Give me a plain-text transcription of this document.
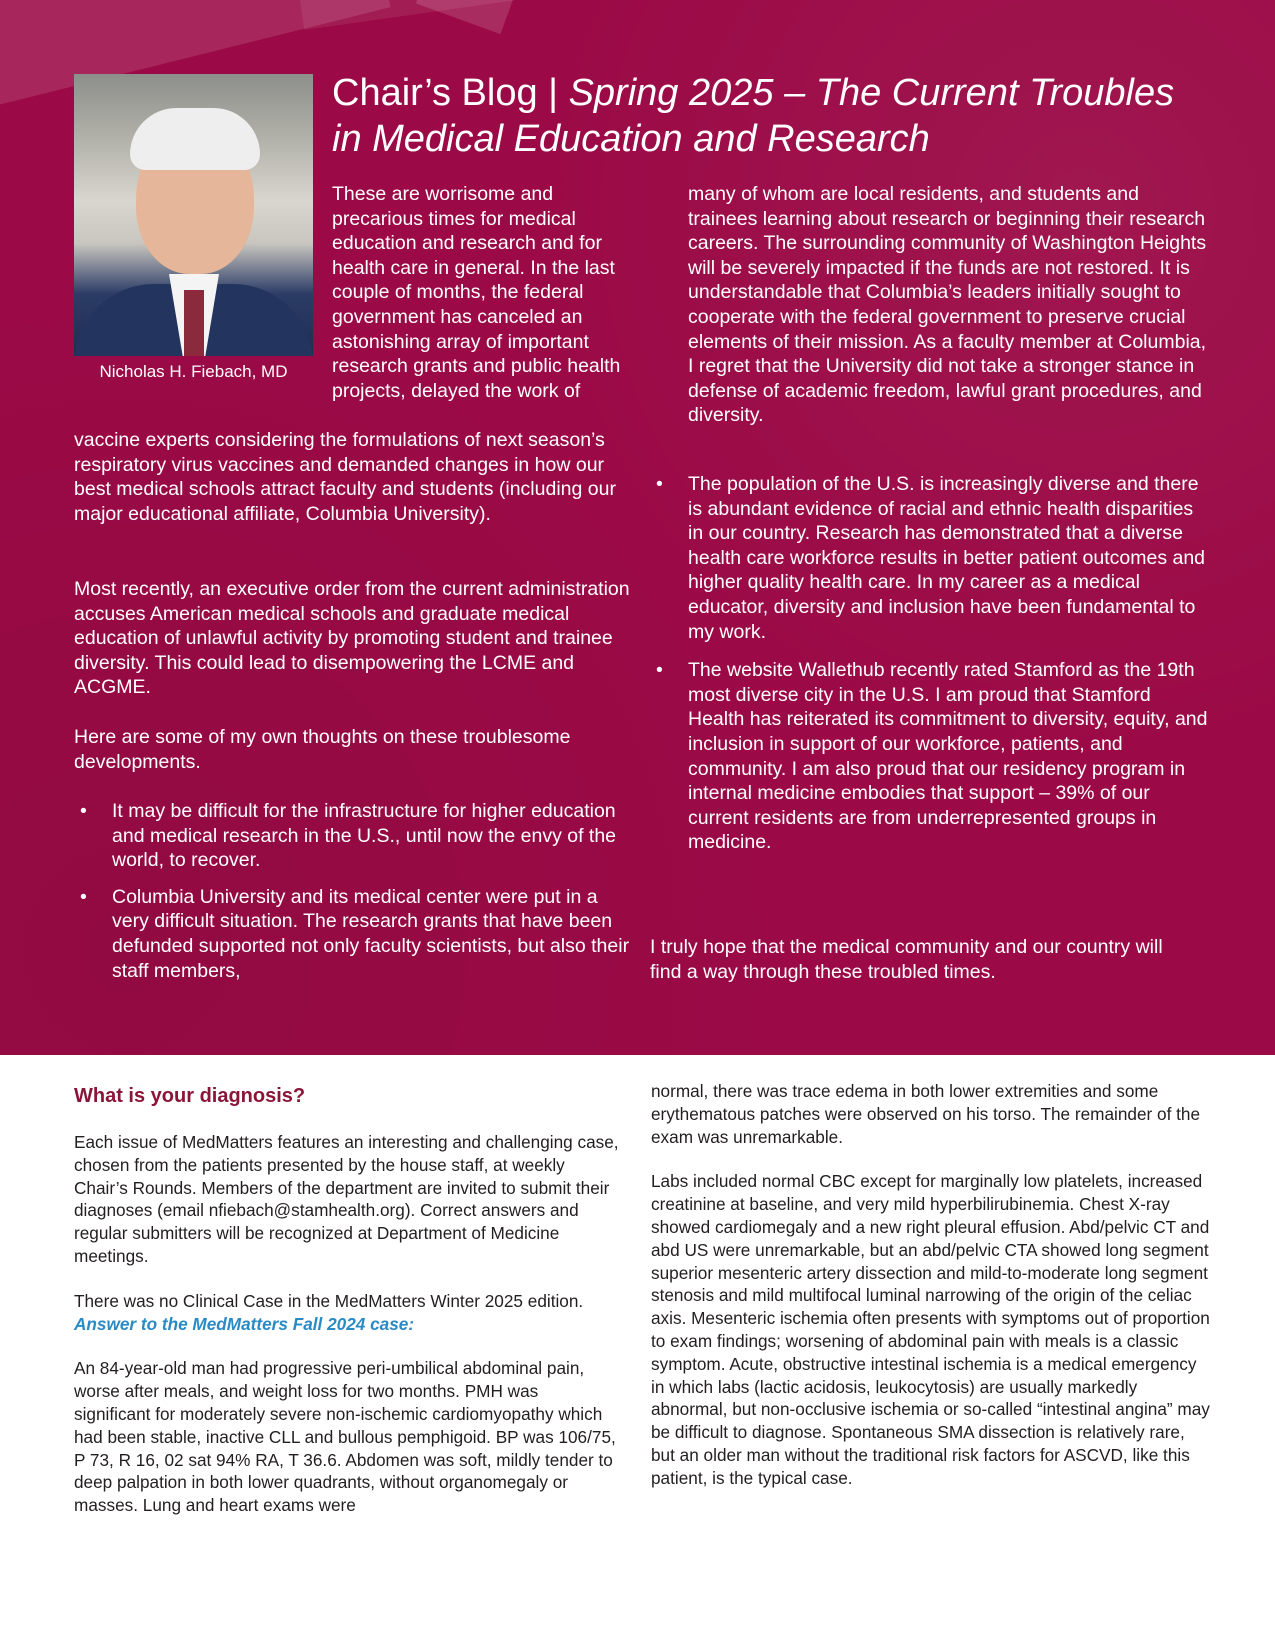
Nicholas H. Fiebach, MD
Chair’s Blog | Spring 2025 – The Current Troubles in Medical Education and Research

These are worrisome and precarious times for medical education and research and for health care in general. In the last couple of months, the federal government has canceled an astonishing array of important research grants and public health projects, delayed the work of

vaccine experts considering the formulations of next season’s respiratory virus vaccines and demanded changes in how our best medical schools attract faculty and students (including our major educational affiliate, Columbia University).

Most recently, an executive order from the current administration accuses American medical schools and graduate medical education of unlawful activity by promoting student and trainee diversity. This could lead to disempowering the LCME and ACGME.

Here are some of my own thoughts on these troublesome developments.

• It may be difficult for the infrastructure for higher education and medical research in the U.S., until now the envy of the world, to recover.
• Columbia University and its medical center were put in a very difficult situation. The research grants that have been defunded supported not only faculty scientists, but also their staff members,

many of whom are local residents, and students and trainees learning about research or beginning their research careers. The surrounding community of Washington Heights will be severely impacted if the funds are not restored. It is understandable that Columbia’s leaders initially sought to cooperate with the federal government to preserve crucial elements of their mission. As a faculty member at Columbia, I regret that the University did not take a stronger stance in defense of academic freedom, lawful grant procedures, and diversity.

• The population of the U.S. is increasingly diverse and there is abundant evidence of racial and ethnic health disparities in our country. Research has demonstrated that a diverse health care workforce results in better patient outcomes and higher quality health care. In my career as a medical educator, diversity and inclusion have been fundamental to my work.
• The website Wallethub recently rated Stamford as the 19th most diverse city in the U.S. I am proud that Stamford Health has reiterated its commitment to diversity, equity, and inclusion in support of our workforce, patients, and community. I am also proud that our residency program in internal medicine embodies that support – 39% of our current residents are from underrepresented groups in medicine.

I truly hope that the medical community and our country will find a way through these troubled times.

What is your diagnosis?

Each issue of MedMatters features an interesting and challenging case, chosen from the patients presented by the house staff, at weekly Chair’s Rounds. Members of the department are invited to submit their diagnoses (email nfiebach@stamhealth.org). Correct answers and regular submitters will be recognized at Department of Medicine meetings.

There was no Clinical Case in the MedMatters Winter 2025 edition. Answer to the MedMatters Fall 2024 case:

An 84-year-old man had progressive peri-umbilical abdominal pain, worse after meals, and weight loss for two months. PMH was significant for moderately severe non-ischemic cardiomyopathy which had been stable, inactive CLL and bullous pemphigoid. BP was 106/75, P 73, R 16, 02 sat 94% RA, T 36.6. Abdomen was soft, mildly tender to deep palpation in both lower quadrants, without organomegaly or masses. Lung and heart exams were

normal, there was trace edema in both lower extremities and some erythematous patches were observed on his torso. The remainder of the exam was unremarkable.

Labs included normal CBC except for marginally low platelets, increased creatinine at baseline, and very mild hyperbilirubinemia. Chest X-ray showed cardiomegaly and a new right pleural effusion. Abd/pelvic CT and abd US were unremarkable, but an abd/pelvic CTA showed long segment superior mesenteric artery dissection and mild-to-moderate long segment stenosis and mild multifocal luminal narrowing of the origin of the celiac axis. Mesenteric ischemia often presents with symptoms out of proportion to exam findings; worsening of abdominal pain with meals is a classic symptom. Acute, obstructive intestinal ischemia is a medical emergency in which labs (lactic acidosis, leukocytosis) are usually markedly abnormal, but non-occlusive ischemia or so-called “intestinal angina” may be difficult to diagnose. Spontaneous SMA dissection is relatively rare, but an older man without the traditional risk factors for ASCVD, like this patient, is the typical case.
